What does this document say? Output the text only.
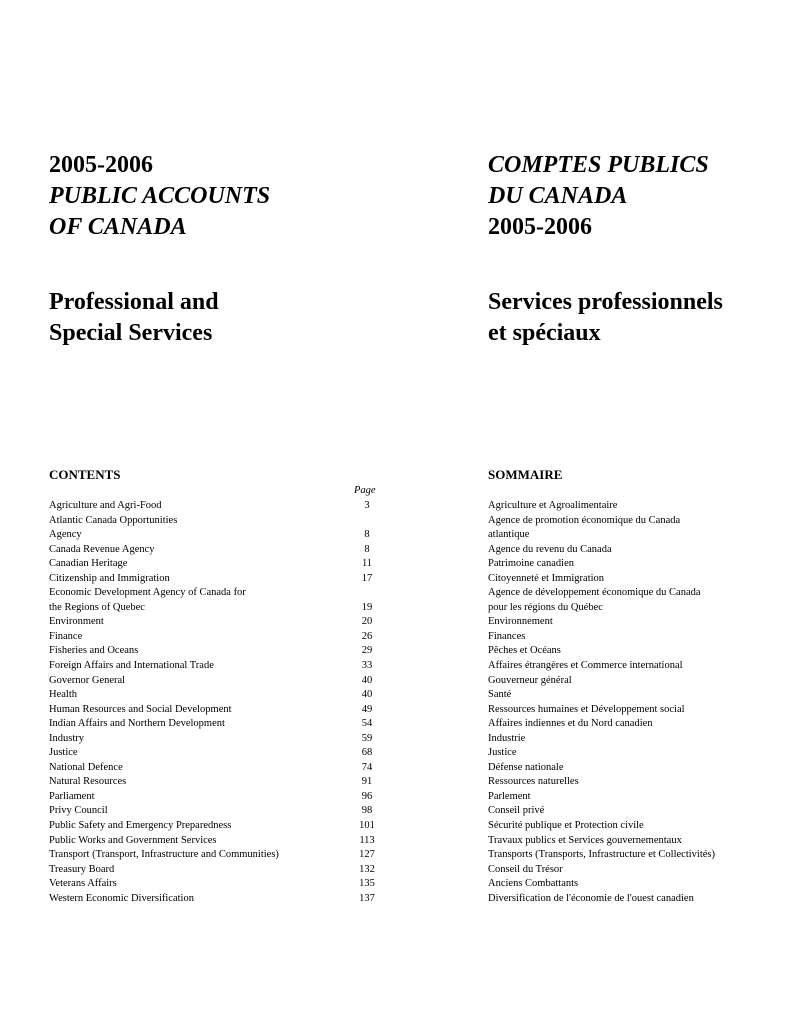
2005-2006
PUBLIC ACCOUNTS
OF CANADA
COMPTES PUBLICS
DU CANADA
2005-2006
Professional and
Special Services
Services professionnels
et spéciaux
CONTENTS	SOMMAIRE
Page
Agriculture and Agri-Food	3
Atlantic Canada Opportunities
Agency	8
Canada Revenue Agency	8
Canadian Heritage	11
Citizenship and Immigration	17
Economic Development Agency of Canada for
the Regions of Quebec	19
Environment	20
Finance	26
Fisheries and Oceans	29
Foreign Affairs and International Trade	33
Governor General	40
Health	40
Human Resources and Social Development	49
Indian Affairs and Northern Development	54
Industry	59
Justice	68
National Defence	74
Natural Resources	91
Parliament	96
Privy Council	98
Public Safety and Emergency Preparedness	101
Public Works and Government Services	113
Transport (Transport, Infrastructure and Communities)	127
Treasury Board	132
Veterans Affairs	135
Western Economic Diversification	137
Agriculture et Agroalimentaire
Agence de promotion économique du Canada
atlantique
Agence du revenu du Canada
Patrimoine canadien
Citoyenneté et Immigration
Agence de développement économique du Canada
pour les régions du Québec
Environnement
Finances
Pêches et Océans
Affaires étrangères et Commerce international
Gouverneur général
Santé
Ressources humaines et Développement social
Affaires indiennes et du Nord canadien
Industrie
Justice
Défense nationale
Ressources naturelles
Parlement
Conseil privé
Sécurité publique et Protection civile
Travaux publics et Services gouvernementaux
Transports (Transports, Infrastructure et Collectivités)
Conseil du Trésor
Anciens Combattants
Diversification de l'économie de l'ouest canadien
